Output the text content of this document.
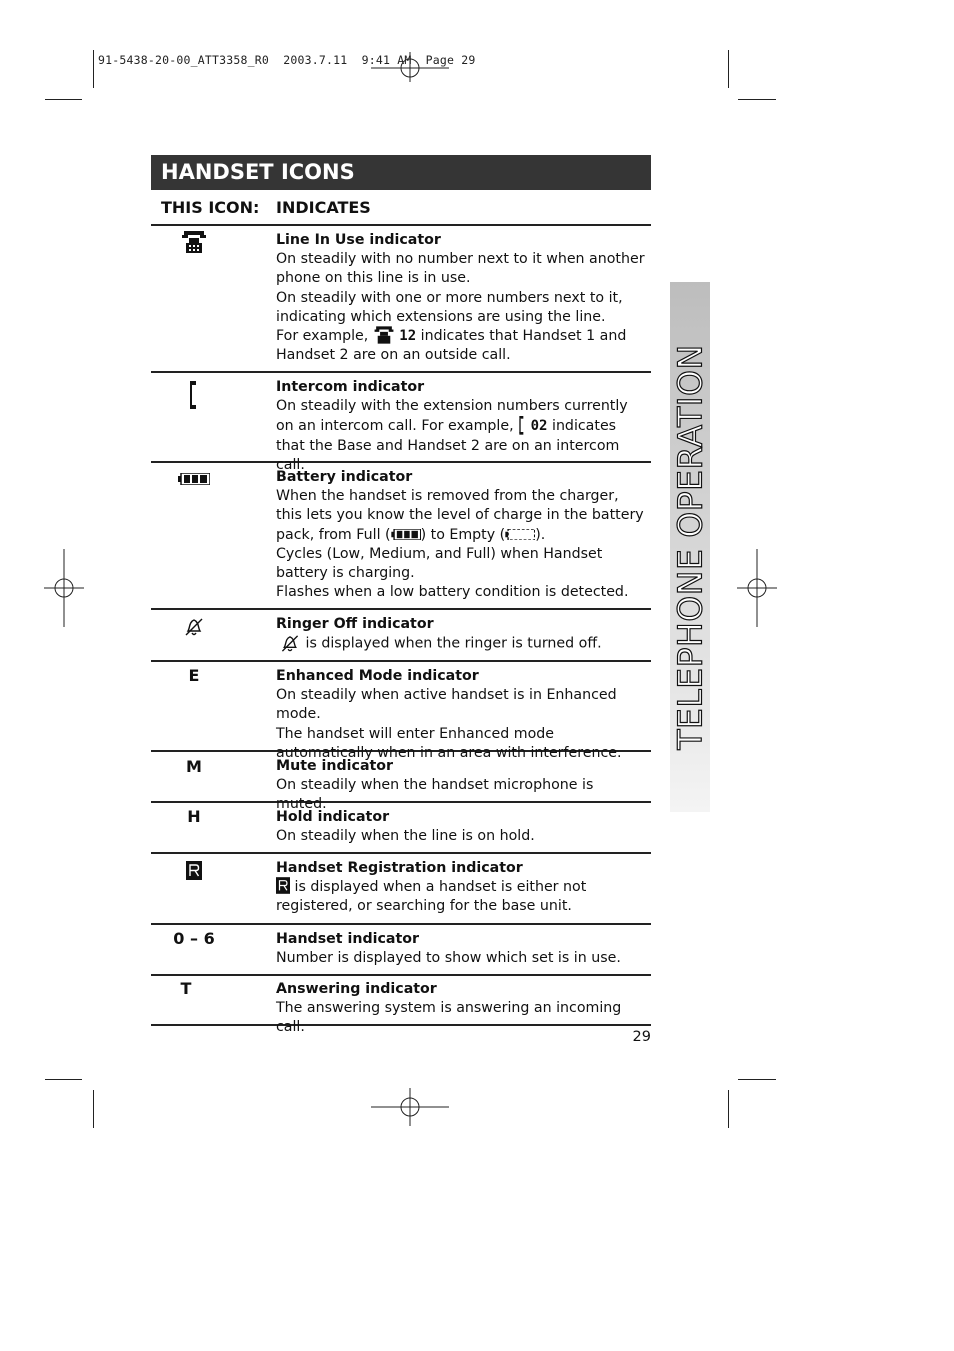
91-5438-20-00_ATT3358_R0  2003.7.11  9:41 AM  Page 29
HANDSET ICONS
THIS ICON: INDICATES
TELEPHONE OPERATION
Line In Use indicator
On steadily with no number next to it when another phone on this line is in use.
On steadily with one or more numbers next to it, indicating which extensions are using the line.
For example, 12 indicates that Handset 1 and Handset 2 are on an outside call.
Intercom indicator
On steadily with the extension numbers currently on an intercom call. For example, 02 indicates that the Base and Handset 2 are on an intercom call.
Battery indicator
When the handset is removed from the charger, this lets you know the level of charge in the battery pack, from Full ( ) to Empty ( ).
Cycles (Low, Medium, and Full) when Handset battery is charging.
Flashes when a low battery condition is detected.
Ringer Off indicator
is displayed when the ringer is turned off.
E	Enhanced Mode indicator
On steadily when active handset is in Enhanced mode.
The handset will enter Enhanced mode automatically when in an area with interference.
M	Mute indicator
On steadily when the handset microphone is muted.
H	Hold indicator
On steadily when the line is on hold.
Handset Registration indicator
is displayed when a handset is either not registered, or searching for the base unit.
0 – 6	Handset indicator
Number is displayed to show which set is in use.
T	Answering indicator
The answering system is answering an incoming call.
29
